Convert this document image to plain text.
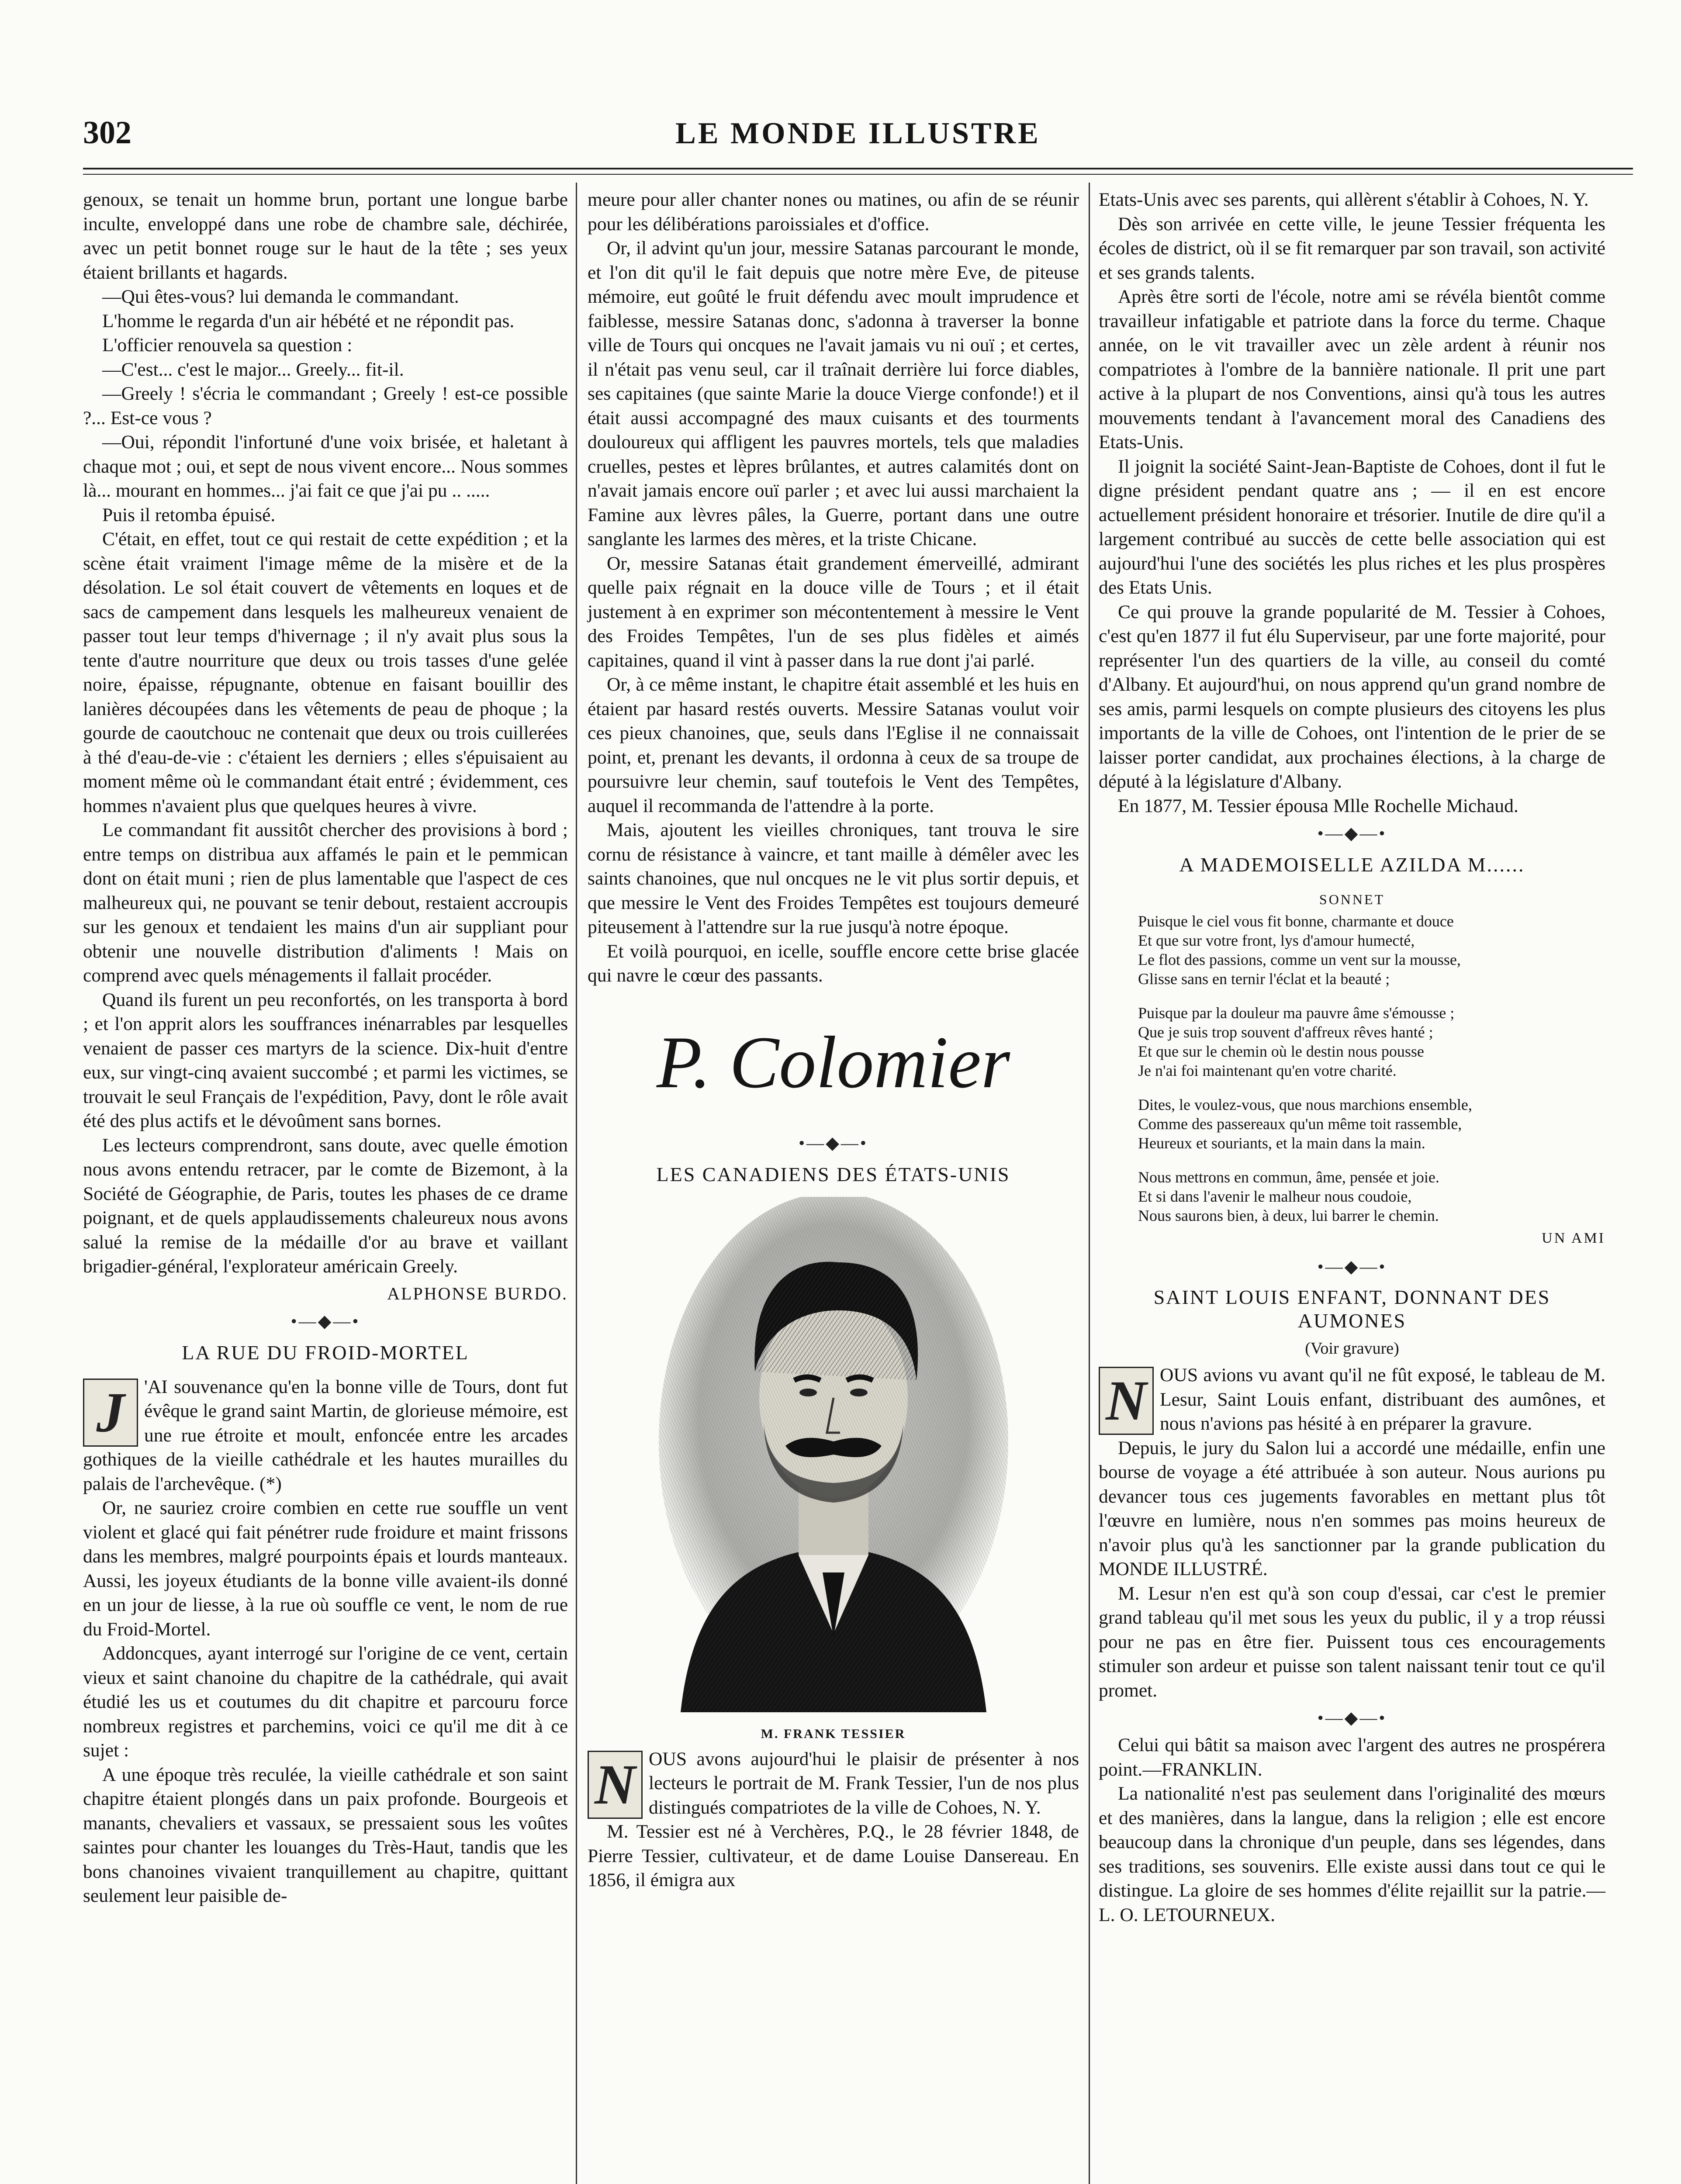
302	LE MONDE ILLUSTRE

genoux, se tenait un homme brun, portant une longue barbe inculte, enveloppé dans une robe de chambre sale, déchirée, avec un petit bonnet rouge sur le haut de la tête ; ses yeux étaient brillants et hagards.

—Qui êtes-vous? lui demanda le commandant.

L'homme le regarda d'un air hébété et ne répondit pas.

L'officier renouvela sa question :

—C'est... c'est le major... Greely... fit-il.

—Greely ! s'écria le commandant ; Greely ! est-ce possible ?... Est-ce vous ?

—Oui, répondit l'infortuné d'une voix brisée, et haletant à chaque mot ; oui, et sept de nous vivent encore... Nous sommes là... mourant en hommes... j'ai fait ce que j'ai pu .. .....

Puis il retomba épuisé.

C'était, en effet, tout ce qui restait de cette expédition ; et la scène était vraiment l'image même de la misère et de la désolation. Le sol était couvert de vêtements en loques et de sacs de campement dans lesquels les malheureux venaient de passer tout leur temps d'hivernage ; il n'y avait plus sous la tente d'autre nourriture que deux ou trois tasses d'une gelée noire, épaisse, répugnante, obtenue en faisant bouillir des lanières découpées dans les vêtements de peau de phoque ; la gourde de caoutchouc ne contenait que deux ou trois cuillerées à thé d'eau-de-vie : c'étaient les derniers ; elles s'épuisaient au moment même où le commandant était entré ; évidemment, ces hommes n'avaient plus que quelques heures à vivre.

Le commandant fit aussitôt chercher des provisions à bord ; entre temps on distribua aux affamés le pain et le pemmican dont on était muni ; rien de plus lamentable que l'aspect de ces malheureux qui, ne pouvant se tenir debout, restaient accroupis sur les genoux et tendaient les mains d'un air suppliant pour obtenir une nouvelle distribution d'aliments ! Mais on comprend avec quels ménagements il fallait procéder.

Quand ils furent un peu reconfortés, on les transporta à bord ; et l'on apprit alors les souffrances inénarrables par lesquelles venaient de passer ces martyrs de la science. Dix-huit d'entre eux, sur vingt-cinq avaient succombé ; et parmi les victimes, se trouvait le seul Français de l'expédition, Pavy, dont le rôle avait été des plus actifs et le dévoûment sans bornes.

Les lecteurs comprendront, sans doute, avec quelle émotion nous avons entendu retracer, par le comte de Bizemont, à la Société de Géographie, de Paris, toutes les phases de ce drame poignant, et de quels applaudissements chaleureux nous avons salué la remise de la médaille d'or au brave et vaillant brigadier-général, l'explorateur américain Greely.

ALPHONSE BURDO.
•—◆—•
LA RUE DU FROID-MORTEL
J	'AI souvenance qu'en la bonne ville de Tours, dont fut évêque le grand saint Martin, de glorieuse mémoire, est une rue étroite et moult, enfoncée entre les arcades gothiques de la vieille cathédrale et les hautes murailles du palais de l'archevêque. (*)

Or, ne sauriez croire combien en cette rue souffle un vent violent et glacé qui fait pénétrer rude froidure et maint frissons dans les membres, malgré pourpoints épais et lourds manteaux. Aussi, les joyeux étudiants de la bonne ville avaient-ils donné en un jour de liesse, à la rue où souffle ce vent, le nom de rue du Froid-Mortel.

Addoncques, ayant interrogé sur l'origine de ce vent, certain vieux et saint chanoine du chapitre de la cathédrale, qui avait étudié les us et coutumes du dit chapitre et parcouru force nombreux registres et parchemins, voici ce qu'il me dit à ce sujet :

A une époque très reculée, la vieille cathédrale et son saint chapitre étaient plongés dans un paix profonde. Bourgeois et manants, chevaliers et vassaux, se pressaient sous les voûtes saintes pour chanter les louanges du Très-Haut, tandis que les bons chanoines vivaient tranquillement au chapitre, quittant seulement leur paisible de-

meure pour aller chanter nones ou matines, ou afin de se réunir pour les délibérations paroissiales et d'office.

Or, il advint qu'un jour, messire Satanas parcourant le monde, et l'on dit qu'il le fait depuis que notre mère Eve, de piteuse mémoire, eut goûté le fruit défendu avec moult imprudence et faiblesse, messire Satanas donc, s'adonna à traverser la bonne ville de Tours qui oncques ne l'avait jamais vu ni ouï ; et certes, il n'était pas venu seul, car il traînait derrière lui force diables, ses capitaines (que sainte Marie la douce Vierge confonde!) et il était aussi accompagné des maux cuisants et des tourments douloureux qui affligent les pauvres mortels, tels que maladies cruelles, pestes et lèpres brûlantes, et autres calamités dont on n'avait jamais encore ouï parler ; et avec lui aussi marchaient la Famine aux lèvres pâles, la Guerre, portant dans une outre sanglante les larmes des mères, et la triste Chicane.

Or, messire Satanas était grandement émerveillé, admirant quelle paix régnait en la douce ville de Tours ; et il était justement à en exprimer son mécontentement à messire le Vent des Froides Tempêtes, l'un de ses plus fidèles et aimés capitaines, quand il vint à passer dans la rue dont j'ai parlé.

Or, à ce même instant, le chapitre était assemblé et les huis en étaient par hasard restés ouverts. Messire Satanas voulut voir ces pieux chanoines, que, seuls dans l'Eglise il ne connaissait point, et, prenant les devants, il ordonna à ceux de sa troupe de poursuivre leur chemin, sauf toutefois le Vent des Tempêtes, auquel il recommanda de l'attendre à la porte.

Mais, ajoutent les vieilles chroniques, tant trouva le sire cornu de résistance à vaincre, et tant maille à démêler avec les saints chanoines, que nul oncques ne le vit plus sortir depuis, et que messire le Vent des Froides Tempêtes est toujours demeuré piteusement à l'attendre sur la rue jusqu'à notre époque.

Et voilà pourquoi, en icelle, souffle encore cette brise glacée qui navre le cœur des passants.

P. Colomier
•—◆—•
LES CANADIENS DES ÉTATS-UNIS
M. FRANK TESSIER
N OUS avons aujourd'hui le plaisir de présenter à nos lecteurs le portrait de M. Frank Tessier, l'un de nos plus distingués compatriotes de la ville de Cohoes, N. Y.

M. Tessier est né à Verchères, P.Q., le 28 février 1848, de Pierre Tessier, cultivateur, et de dame Louise Dansereau. En 1856, il émigra aux

Etats-Unis avec ses parents, qui allèrent s'établir à Cohoes, N. Y.

Dès son arrivée en cette ville, le jeune Tessier fréquenta les écoles de district, où il se fit remarquer par son travail, son activité et ses grands talents.

Après être sorti de l'école, notre ami se révéla bientôt comme travailleur infatigable et patriote dans la force du terme. Chaque année, on le vit travailler avec un zèle ardent à réunir nos compatriotes à l'ombre de la bannière nationale. Il prit une part active à la plupart de nos Conventions, ainsi qu'à tous les autres mouvements tendant à l'avancement moral des Canadiens des Etats-Unis.

Il joignit la société Saint-Jean-Baptiste de Cohoes, dont il fut le digne président pendant quatre ans ; — il en est encore actuellement président honoraire et trésorier. Inutile de dire qu'il a largement contribué au succès de cette belle association qui est aujourd'hui l'une des sociétés les plus riches et les plus prospères des Etats Unis.

Ce qui prouve la grande popularité de M. Tessier à Cohoes, c'est qu'en 1877 il fut élu Superviseur, par une forte majorité, pour représenter l'un des quartiers de la ville, au conseil du comté d'Albany. Et aujourd'hui, on nous apprend qu'un grand nombre de ses amis, parmi lesquels on compte plusieurs des citoyens les plus importants de la ville de Cohoes, ont l'intention de le prier de se laisser porter candidat, aux prochaines élections, à la charge de député à la législature d'Albany.

En 1877, M. Tessier épousa Mlle Rochelle Michaud.

•—◆—•
A MADEMOISELLE AZILDA M......
SONNET

Puisque le ciel vous fit bonne, charmante et douce

Et que sur votre front, lys d'amour humecté,

Le flot des passions, comme un vent sur la mousse,

Glisse sans en ternir l'éclat et la beauté ;

Puisque par la douleur ma pauvre âme s'émousse ;

Que je suis trop souvent d'affreux rêves hanté ;

Et que sur le chemin où le destin nous pousse

Je n'ai foi maintenant qu'en votre charité.

Dites, le voulez-vous, que nous marchions ensemble,

Comme des passereaux qu'un même toit rassemble,

Heureux et souriants, et la main dans la main.

Nous mettrons en commun, âme, pensée et joie.

Et si dans l'avenir le malheur nous coudoie,

Nous saurons bien, à deux, lui barrer le chemin.

UN AMI
•—◆—•
SAINT LOUIS ENFANT, DONNANT DES AUMONES
(Voir gravure)
N OUS avions vu avant qu'il ne fût exposé, le tableau de M. Lesur, Saint Louis enfant, distribuant des aumônes, et nous n'avions pas hésité à en préparer la gravure.

Depuis, le jury du Salon lui a accordé une médaille, enfin une bourse de voyage a été attribuée à son auteur. Nous aurions pu devancer tous ces jugements favorables en mettant plus tôt l'œuvre en lumière, nous n'en sommes pas moins heureux de n'avoir plus qu'à les sanctionner par la grande publication du MONDE ILLUSTRÉ.

M. Lesur n'en est qu'à son coup d'essai, car c'est le premier grand tableau qu'il met sous les yeux du public, il y a trop réussi pour ne pas en être fier. Puissent tous ces encouragements stimuler son ardeur et puisse son talent naissant tenir tout ce qu'il promet.

•—◆—•

Celui qui bâtit sa maison avec l'argent des autres ne prospérera point.—FRANKLIN.

La nationalité n'est pas seulement dans l'originalité des mœurs et des manières, dans la langue, dans la religion ; elle est encore beaucoup dans la chronique d'un peuple, dans ses légendes, dans ses traditions, ses souvenirs. Elle existe aussi dans tout ce qui le distingue. La gloire de ses hommes d'élite rejaillit sur la patrie.—L. O. LETOURNEUX.
